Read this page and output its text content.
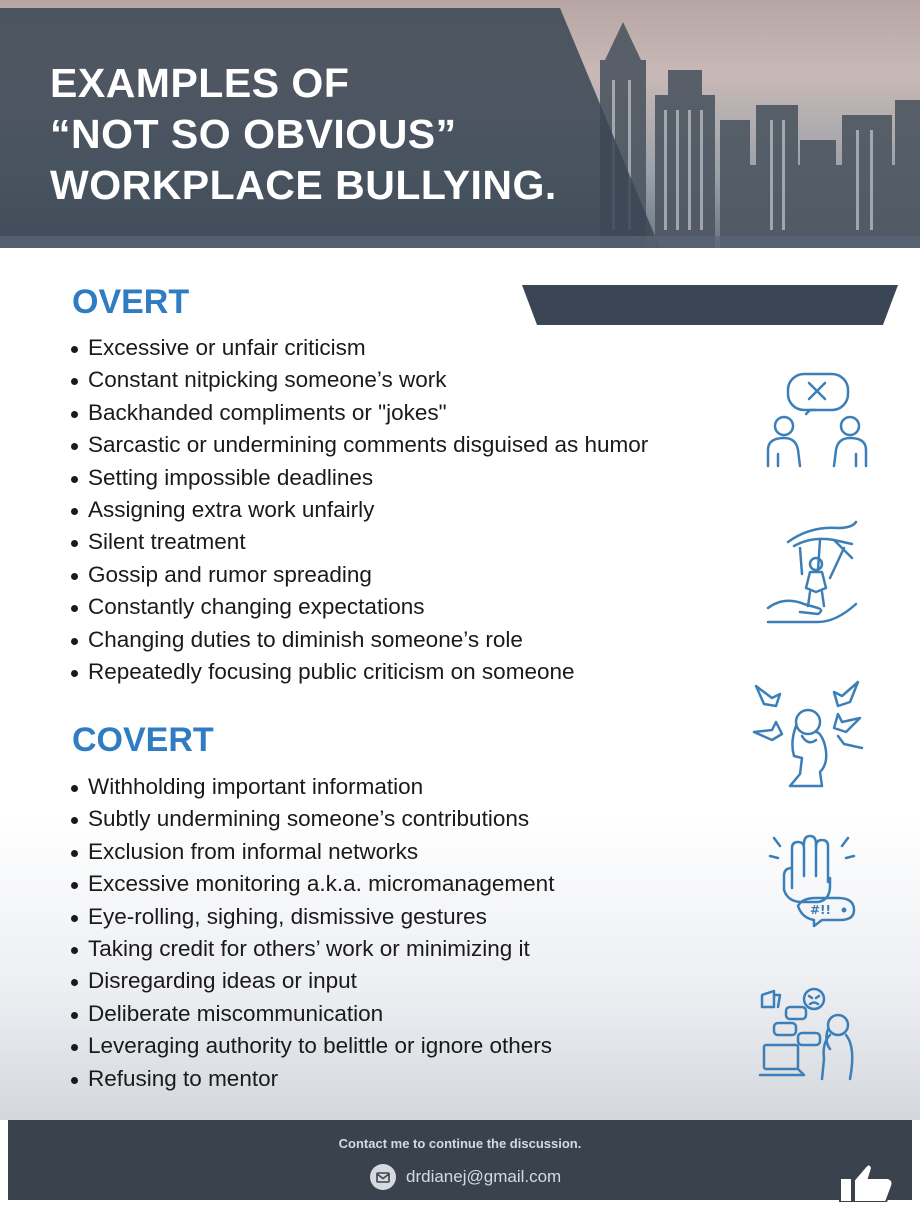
EXAMPLES OF
“NOT SO OBVIOUS”
WORKPLACE BULLYING.
OVERT
Excessive or unfair criticism
Constant nitpicking someone’s work
Backhanded compliments or "jokes"
Sarcastic or undermining comments disguised as humor
Setting impossible deadlines
Assigning extra work unfairly
Silent treatment
Gossip and rumor spreading
Constantly changing expectations
Changing duties to diminish someone’s role
Repeatedly focusing public criticism on someone
COVERT
Withholding important information
Subtly undermining someone’s contributions
Exclusion from informal networks
Excessive monitoring a.k.a. micromanagement
Eye-rolling, sighing, dismissive gestures
Taking credit for others’ work or minimizing it
Disregarding ideas or input
Deliberate miscommunication
Leveraging authority to belittle or ignore others
Refusing to mentor
#!!
Contact me to continue the discussion.
drdianej@gmail.com
